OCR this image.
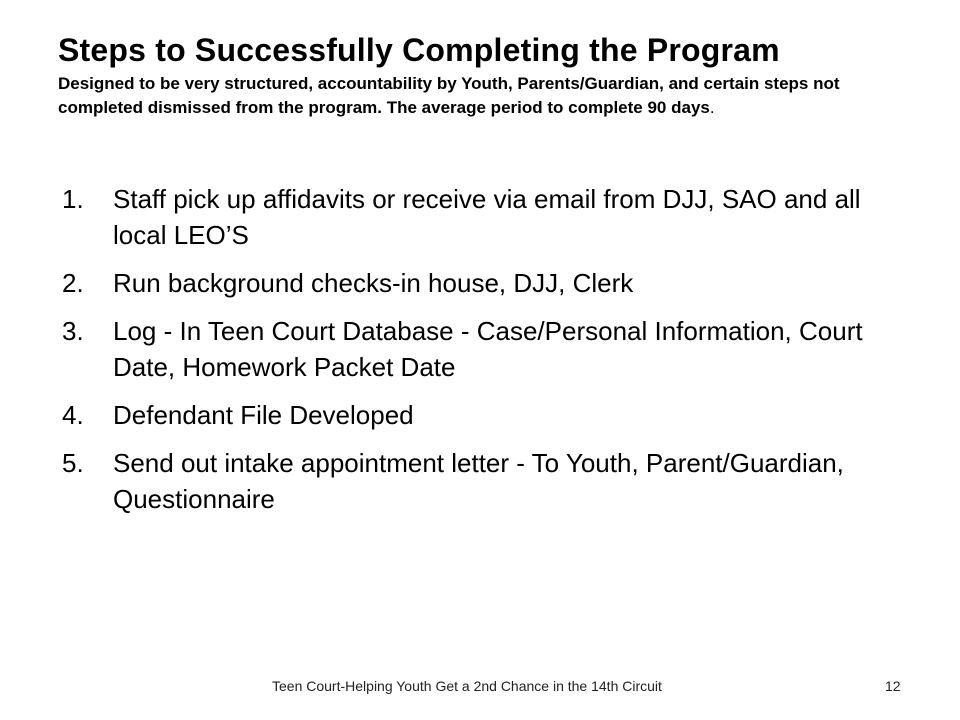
Steps to Successfully Completing the Program
Designed to be very structured, accountability by Youth, Parents/Guardian, and certain steps not completed dismissed from the program. The average period to complete 90 days.
1.	Staff pick up affidavits or receive via email from DJJ, SAO and all local LEO’S
2.	Run background checks-in house, DJJ, Clerk
3.	Log - In Teen Court Database - Case/Personal Information, Court Date, Homework Packet Date
4.	Defendant File Developed
5.	Send out intake appointment letter - To Youth, Parent/Guardian, Questionnaire
Teen Court-Helping Youth Get a 2nd Chance in the 14th Circuit	12
